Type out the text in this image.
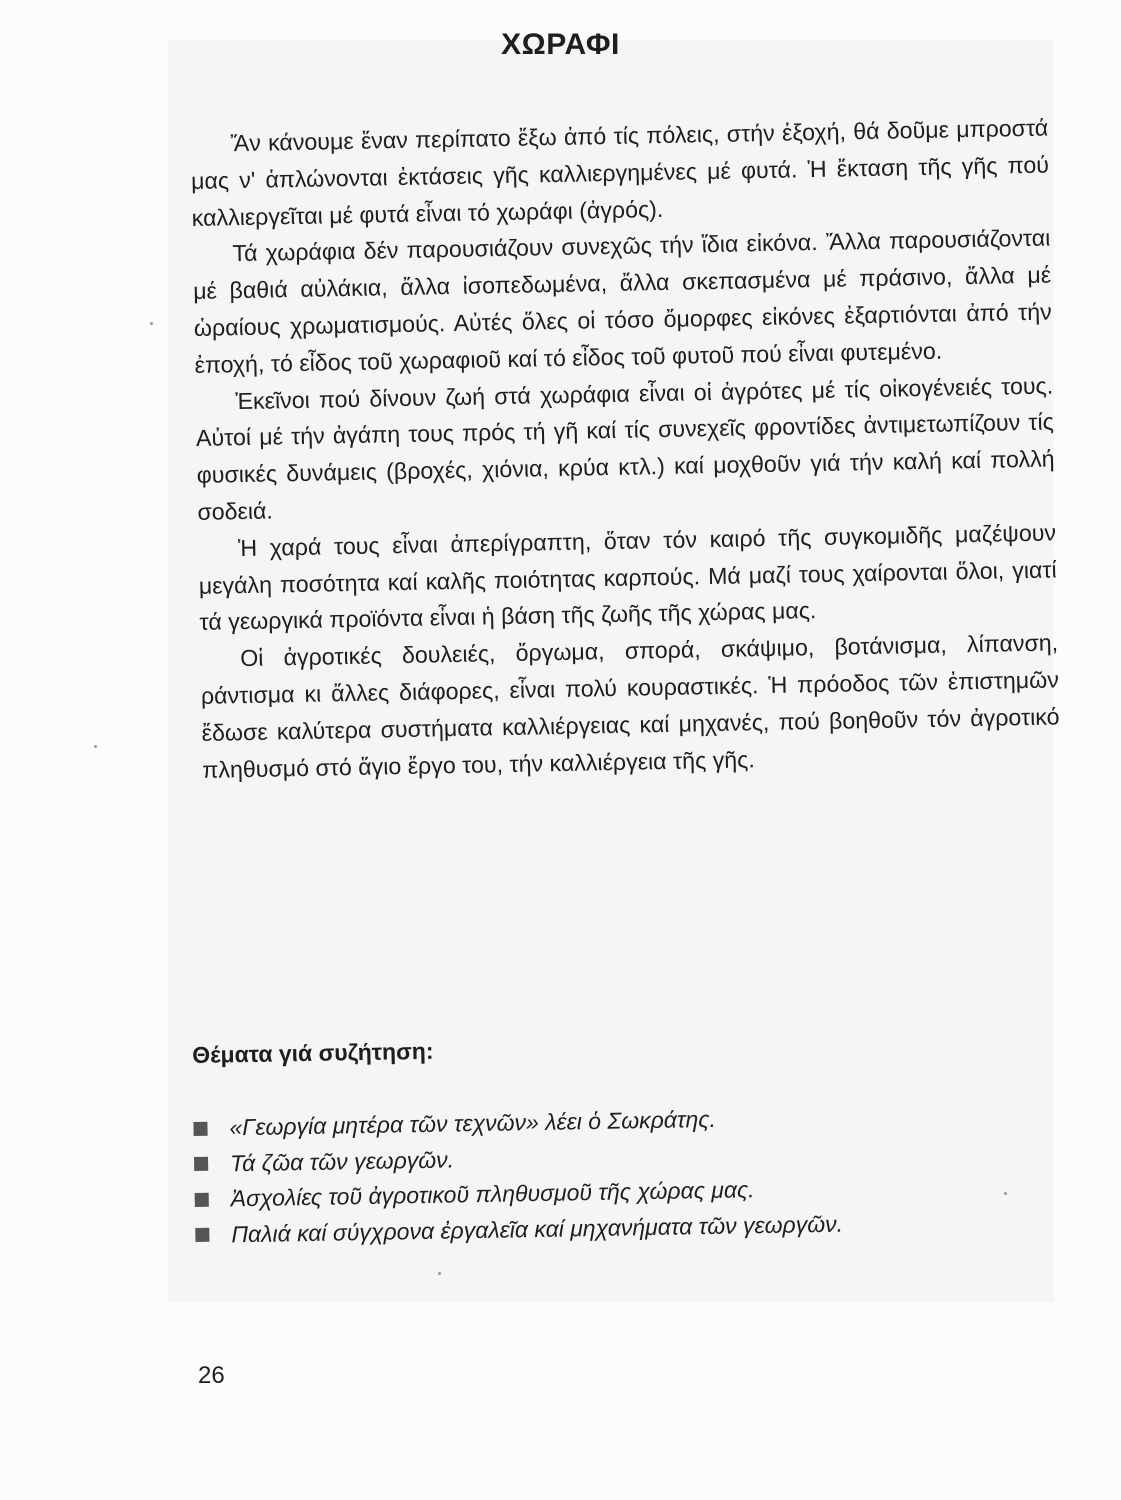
ΧΩΡΑΦΙ

Ἄν κάνουμε ἕναν περίπατο ἔξω ἀπό τίς πόλεις, στήν ἐξοχή, θά δοῦμε μπροστά μας ν' ἁπλώνονται ἐκτάσεις γῆς καλλιεργημένες μέ φυτά. Ἡ ἔκταση τῆς γῆς πού καλλιεργεῖται μέ φυτά εἶναι τό χωράφι (ἀγρός).

Τά χωράφια δέν παρουσιάζουν συνεχῶς τήν ἴδια εἰκόνα. Ἄλλα παρουσιάζονται μέ βαθιά αὐλάκια, ἄλλα ἰσοπεδωμένα, ἄλλα σκεπασμένα μέ πράσινο, ἄλλα μέ ὡραίους χρωματισμούς. Αὐτές ὅλες οἱ τόσο ὄμορφες εἰκόνες ἐξαρτιόνται ἀπό τήν ἐποχή, τό εἶδος τοῦ χωραφιοῦ καί τό εἶδος τοῦ φυτοῦ πού εἶναι φυτεμένο.

Ἐκεῖνοι πού δίνουν ζωή στά χωράφια εἶναι οἱ ἀγρότες μέ τίς οἰκογένειές τους. Αὐτοί μέ τήν ἀγάπη τους πρός τή γῆ καί τίς συνεχεῖς φροντίδες ἀντιμετωπίζουν τίς φυσικές δυνάμεις (βροχές, χιόνια, κρύα κτλ.) καί μοχθοῦν γιά τήν καλή καί πολλή σοδειά.

Ἡ χαρά τους εἶναι ἀπερίγραπτη, ὅταν τόν καιρό τῆς συγκομιδῆς μαζέψουν μεγάλη ποσότητα καί καλῆς ποιότητας καρπούς. Μά μαζί τους χαίρονται ὅλοι, γιατί τά γεωργικά προϊόντα εἶναι ἡ βάση τῆς ζωῆς τῆς χώρας μας.

Οἱ ἀγροτικές δουλειές, ὄργωμα, σπορά, σκάψιμο, βοτάνισμα, λίπανση, ράντισμα κι ἄλλες διάφορες, εἶναι πολύ κουραστικές. Ἡ πρόοδος τῶν ἐπιστημῶν ἔδωσε καλύτερα συστήματα καλλιέργειας καί μηχανές, πού βοηθοῦν τόν ἀγροτικό πληθυσμό στό ἅγιο ἔργο του, τήν καλλιέργεια τῆς γῆς.

Θέματα γιά συζήτηση:
«Γεωργία μητέρα τῶν τεχνῶν» λέει ὁ Σωκράτης.
Τά ζῶα τῶν γεωργῶν.
Ἀσχολίες τοῦ ἀγροτικοῦ πληθυσμοῦ τῆς χώρας μας.
Παλιά καί σύγχρονα ἐργαλεῖα καί μηχανήματα τῶν γεωργῶν.
26
